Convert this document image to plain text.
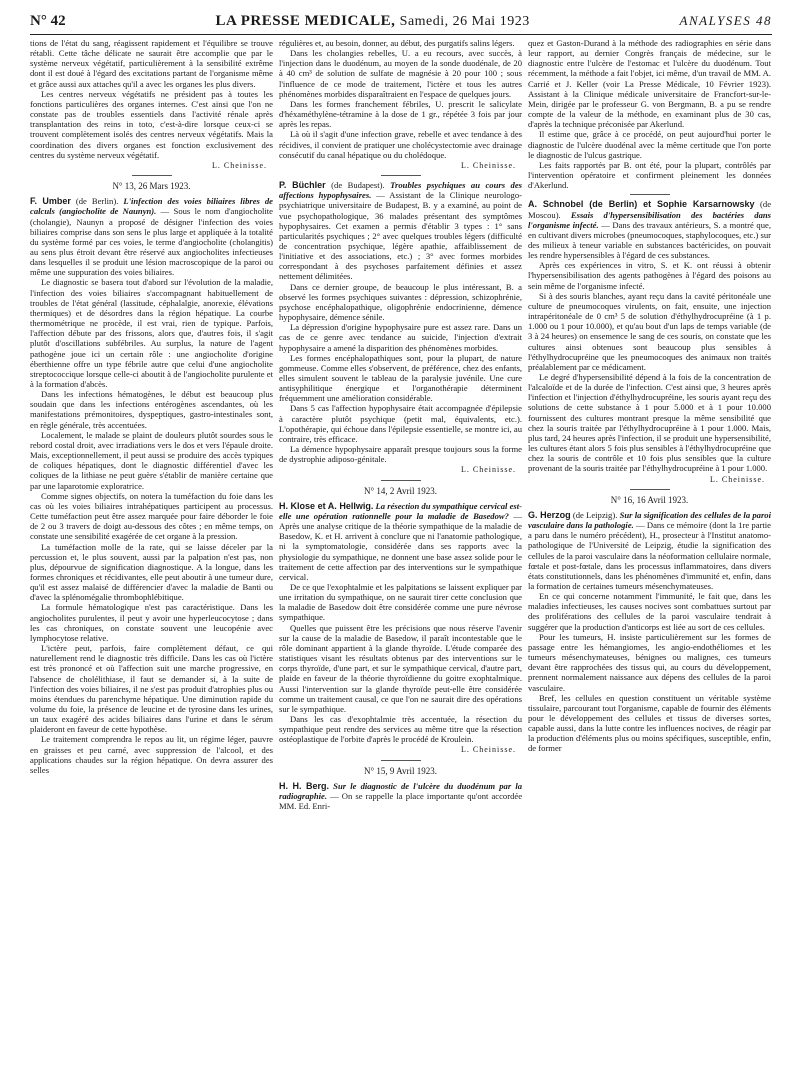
N° 42	LA PRESSE MEDICALE, Samedi, 26 Mai 1923	ANALYSES 48

tions de l'état du sang, réagissent rapidement et l'équilibre se trouve rétabli. Cette tâche délicate ne saurait être accomplie que par le système nerveux végétatif, particulièrement à la sensibilité extrême dont il est doué à l'égard des excitations partant de l'organisme même et grâce aussi aux attaches qu'il a avec les organes les plus divers.

Les centres nerveux végétatifs ne président pas à toutes les fonctions particulières des organes internes. C'est ainsi que l'on ne constate pas de troubles essentiels dans l'activité rénale après transplantation des reins in toto, c'est-à-dire lorsque ceux-ci se trouvent complètement isolés des centres nerveux végétatifs. Mais la coordination des divers organes est fonction exclusivement des centres du système nerveux végétatif.

L. Cheinisse.
N° 13, 26 Mars 1923.

F. Umber (de Berlin). L'infection des voies biliaires libres de calculs (angiocholite de Naunyn). — Sous le nom d'angiocholite (cholangie), Naunyn a proposé de désigner l'infection des voies biliaires comprise dans son sens le plus large et appliquée à la totalité du système formé par ces voies, le terme d'angiocholite (cholangitis) au sens plus étroit devant être réservé aux angiocholites infectieuses dans lesquelles il se produit une lésion macroscopique de la paroi ou même une suppuration des voies biliaires.

Le diagnostic se basera tout d'abord sur l'évolution de la maladie, l'infection des voies biliaires s'accompagnant habituellement de troubles de l'état général (lassitude, céphalalgie, anorexie, élévations thermiques) et de désordres dans la région hépatique. La courbe thermométrique ne procède, il est vrai, rien de typique. Parfois, l'affection débute par des frissons, alors que, d'autres fois, il s'agit plutôt d'oscillations subfébriles. Au surplus, la nature de l'agent pathogène joue ici un certain rôle : une angiocholite d'origine éberthienne offre un type fébrile autre que celui d'une angiocholite streptococcique lorsque celle-ci aboutit à de l'angiocholite purulente et à la formation d'abcès.

Dans les infections hématogènes, le début est beaucoup plus soudain que dans les infections entérogènes ascendantes, où les manifestations prémonitoires, dyspeptiques, gastro-intestinales sont, en règle générale, très accentuées.

Localement, le malade se plaint de douleurs plutôt sourdes sous le rebord costal droit, avec irradiations vers le dos et vers l'épaule droite. Mais, exceptionnellement, il peut aussi se produire des accès typiques de coliques hépatiques, dont le diagnostic différentiel d'avec les coliques de la lithiase ne peut guère s'établir de manière certaine que par une laparotomie exploratrice.

Comme signes objectifs, on notera la tuméfaction du foie dans les cas où les voies biliaires intrahépatiques participent au processus. Cette tuméfaction peut être assez marquée pour faire déborder le foie de 2 ou 3 travers de doigt au-dessous des côtes ; en même temps, on constate une sensibilité exagérée de cet organe à la pression.

La tuméfaction molle de la rate, qui se laisse déceler par la percussion et, le plus souvent, aussi par la palpation n'est pas, non plus, dépourvue de signification diagnostique. A la longue, dans les formes chroniques et récidivantes, elle peut aboutir à une tumeur dure, qu'il est assez malaisé de différencier d'avec la maladie de Banti ou d'avec la splénomégalie thrombophlébitique.

La formule hématologique n'est pas caractéristique. Dans les angiocholites purulentes, il peut y avoir une hyperleucocytose ; dans les cas chroniques, on constate souvent une leucopénie avec lymphocytose relative.

L'ictère peut, parfois, faire complètement défaut, ce qui naturellement rend le diagnostic très difficile. Dans les cas où l'ictère est très prononcé et où l'affection suit une marche progressive, en l'absence de cholélithiase, il faut se demander si, à la suite de l'infection des voies biliaires, il ne s'est pas produit d'atrophies plus ou moins étendues du parenchyme hépatique. Une diminution rapide du volume du foie, la présence de leucine et de tyrosine dans les urines, un taux exagéré des acides biliaires dans l'urine et dans le sérum plaideront en faveur de cette hypothèse.

Le traitement comprendra le repos au lit, un régime léger, pauvre en graisses et peu carné, avec suppression de l'alcool, et des applications chaudes sur la région hépatique. On devra assurer des selles

régulières et, au besoin, donner, au début, des purgatifs salins légers.

Dans les cholangies rebelles, U. a eu recours, avec succès, à l'injection dans le duodénum, au moyen de la sonde duodénale, de 20 à 40 cm³ de solution de sulfate de magnésie à 20 pour 100 ; sous l'influence de ce mode de traitement, l'ictère et tous les autres phénomènes morbides disparaîtraient en l'espace de quelques jours.

Dans les formes franchement fébriles, U. prescrit le salicylate d'héxaméthylène-tétramine à la dose de 1 gr., répétée 3 fois par jour après les repas.

Là où il s'agit d'une infection grave, rebelle et avec tendance à des récidives, il convient de pratiquer une cholécystectomie avec drainage consécutif du canal hépatique ou du cholédoque.

L. Cheinisse.

P. Büchler (de Budapest). Troubles psychiques au cours des affections hypophysaires. — Assistant de la Clinique neurologo-psychiatrique universitaire de Budapest, B. y a examiné, au point de vue psychopathologique, 36 malades présentant des symptômes hypophysaires. Cet examen a permis d'établir 3 types : 1° sans particularités psychiques ; 2° avec quelques troubles légers (difficulté de concentration psychique, légère apathie, affaiblissement de l'initiative et des associations, etc.) ; 3° avec formes morbides correspondant à des psychoses parfaitement définies et assez nettement délimitées.

Dans ce dernier groupe, de beaucoup le plus intéressant, B. a observé les formes psychiques suivantes : dépression, schizophrénie, psychose encéphalopathique, oligophrénie endocrinienne, démence hypophysaire, démence sénile.

La dépression d'origine hypophysaire pure est assez rare. Dans un cas de ce genre avec tendance au suicide, l'injection d'extrait hypophysaire a amené la disparition des phénomènes morbides.

Les formes encéphalopathiques sont, pour la plupart, de nature gommeuse. Comme elles s'observent, de préférence, chez des enfants, elles simulent souvent le tableau de la paralysie juvénile. Une cure antisyphilitique énergique et l'organothérapie déterminent fréquemment une amélioration considérable.

Dans 5 cas l'affection hypophysaire était accompagnée d'épilepsie à caractère plutôt psychique (petit mal, équivalents, etc.). L'opothérapie, qui échoue dans l'épilepsie essentielle, se montre ici, au contraire, très efficace.

La démence hypophysaire apparaît presque toujours sous la forme de dystrophie adiposo-génitale.

L. Cheinisse.
N° 14, 2 Avril 1923.

H. Klose et A. Hellwig. La résection du sympathique cervical est-elle une opération rationnelle pour la maladie de Basedow? — Après une analyse critique de la théorie sympathique de la maladie de Basedow, K. et H. arrivent à conclure que ni l'anatomie pathologique, ni la symptomatologie, considérée dans ses rapports avec la physiologie du sympathique, ne donnent une base assez solide pour le traitement de cette affection par des interventions sur le sympathique cervical.

De ce que l'exophtalmie et les palpitations se laissent expliquer par une irritation du sympathique, on ne saurait tirer cette conclusion que la maladie de Basedow doit être considérée comme une pure névrose sympathique.

Quelles que puissent être les précisions que nous réserve l'avenir sur la cause de la maladie de Basedow, il paraît incontestable que le rôle dominant appartient à la glande thyroïde. L'étude comparée des statistiques visant les résultats obtenus par des interventions sur le corps thyroïde, d'une part, et sur le sympathique cervical, d'autre part, plaide en faveur de la théorie thyroïdienne du goitre exophtalmique. Aussi l'intervention sur la glande thyroïde peut-elle être considérée comme un traitement causal, ce que l'on ne saurait dire des opérations sur le sympathique.

Dans les cas d'exophtalmie très accentuée, la résection du sympathique peut rendre des services au même titre que la résection ostéoplastique de l'orbite d'après le procédé de Kroulein.

L. Cheinisse.
N° 15, 9 Avril 1923.

H. H. Berg. Sur le diagnostic de l'ulcère du duodénum par la radiographie. — On se rappelle la place importante qu'ont accordée MM. Ed. Enri-

quez et Gaston-Durand à la méthode des radiographies en série dans leur rapport, au dernier Congrès français de médecine, sur le diagnostic entre l'ulcère de l'estomac et l'ulcère du duodénum. Tout récemment, la méthode a fait l'objet, ici même, d'un travail de MM. A. Carrié et J. Keller (voir La Presse Médicale, 10 Février 1923). Assistant à la Clinique médicale universitaire de Francfort-sur-le-Mein, dirigée par le professeur G. von Bergmann, B. a pu se rendre compte de la valeur de la méthode, en examinant plus de 30 cas, d'après la technique préconisée par Akerlund.

Il estime que, grâce à ce procédé, on peut aujourd'hui porter le diagnostic de l'ulcère duodénal avec la même certitude que l'on porte le diagnostic de l'ulcus gastrique.

Les faits rapportés par B. ont été, pour la plupart, contrôlés par l'intervention opératoire et confirment pleinement les données d'Akerlund.

A. Schnobel (de Berlin) et Sophie Karsarnowsky (de Moscou). Essais d'hypersensibilisation des bactéries dans l'organisme infecté. — Dans des travaux antérieurs, S. a montré que, en cultivant divers microbes (pneumocoques, staphylocoques, etc.) sur des milieux à teneur variable en substances bactéricides, on pouvait les rendre hypersensibles à l'égard de ces substances.

Après ces expériences in vitro, S. et K. ont réussi à obtenir l'hypersensibilisation des agents pathogènes à l'égard des poisons au sein même de l'organisme infecté.

Si à des souris blanches, ayant reçu dans la cavité péritonéale une culture de pneumocoques virulents, on fait, ensuite, une injection intrapéritonéale de 0 cm³ 5 de solution d'éthylhydrocupréine (à 1 p. 1.000 ou 1 pour 10.000), et qu'au bout d'un laps de temps variable (de 3 à 24 heures) on ensemence le sang de ces souris, on constate que les cultures ainsi obtenues sont beaucoup plus sensibles à l'éthylhydrocupréine que les pneumocoques des animaux non traités préalablement par ce médicament.

Le degré d'hypersensibilité dépend à la fois de la concentration de l'alcaloïde et de la durée de l'infection. C'est ainsi que, 3 heures après l'infection et l'injection d'éthylhydrocupréine, les souris ayant reçu des solutions de cette substance à 1 pour 5.000 et à 1 pour 10.000 fournissent des cultures montrant presque la même sensibilité que chez la souris traitée par l'éthylhydrocupréine à 1 pour 1.000. Mais, plus tard, 24 heures après l'infection, il se produit une hypersensibilité, les cultures étant alors 5 fois plus sensibles à l'éthylhydrocupréine que chez la souris de contrôle et 10 fois plus sensibles que la culture provenant de la souris traitée par l'éthylhydrocupréine à 1 pour 1.000.

L. Cheinisse.
N° 16, 16 Avril 1923.

G. Herzog (de Leipzig). Sur la signification des cellules de la paroi vasculaire dans la pathologie. — Dans ce mémoire (dont la 1re partie a paru dans le numéro précédent), H., prosecteur à l'Institut anatomo-pathologique de l'Université de Leipzig, étudie la signification des cellules de la paroi vasculaire dans la néoformation cellulaire normale, fœtale et post-fœtale, dans les processus inflammatoires, dans divers états constitutionnels, dans les phénomènes d'immunité et, enfin, dans la formation de certaines tumeurs mésenchymateuses.

En ce qui concerne notamment l'immunité, le fait que, dans les maladies infectieuses, les causes nocives sont combattues surtout par des proliférations des cellules de la paroi vasculaire tendrait à suggérer que la production d'anticorps est liée au sort de ces cellules.

Pour les tumeurs, H. insiste particulièrement sur les formes de passage entre les hémangiomes, les angio-endothéliomes et les tumeurs mésenchymateuses, bénignes ou malignes, ces tumeurs devant être rapprochées des tissus qui, au cours du développement, prennent normalement naissance aux dépens des cellules de la paroi vasculaire.

Bref, les cellules en question constituent un véritable système tissulaire, parcourant tout l'organisme, capable de fournir des éléments pour le développement des cellules et tissus de diverses sortes, capable aussi, dans la lutte contre les influences nocives, de réagir par la production d'éléments plus ou moins spécifiques, susceptible, enfin, de former
